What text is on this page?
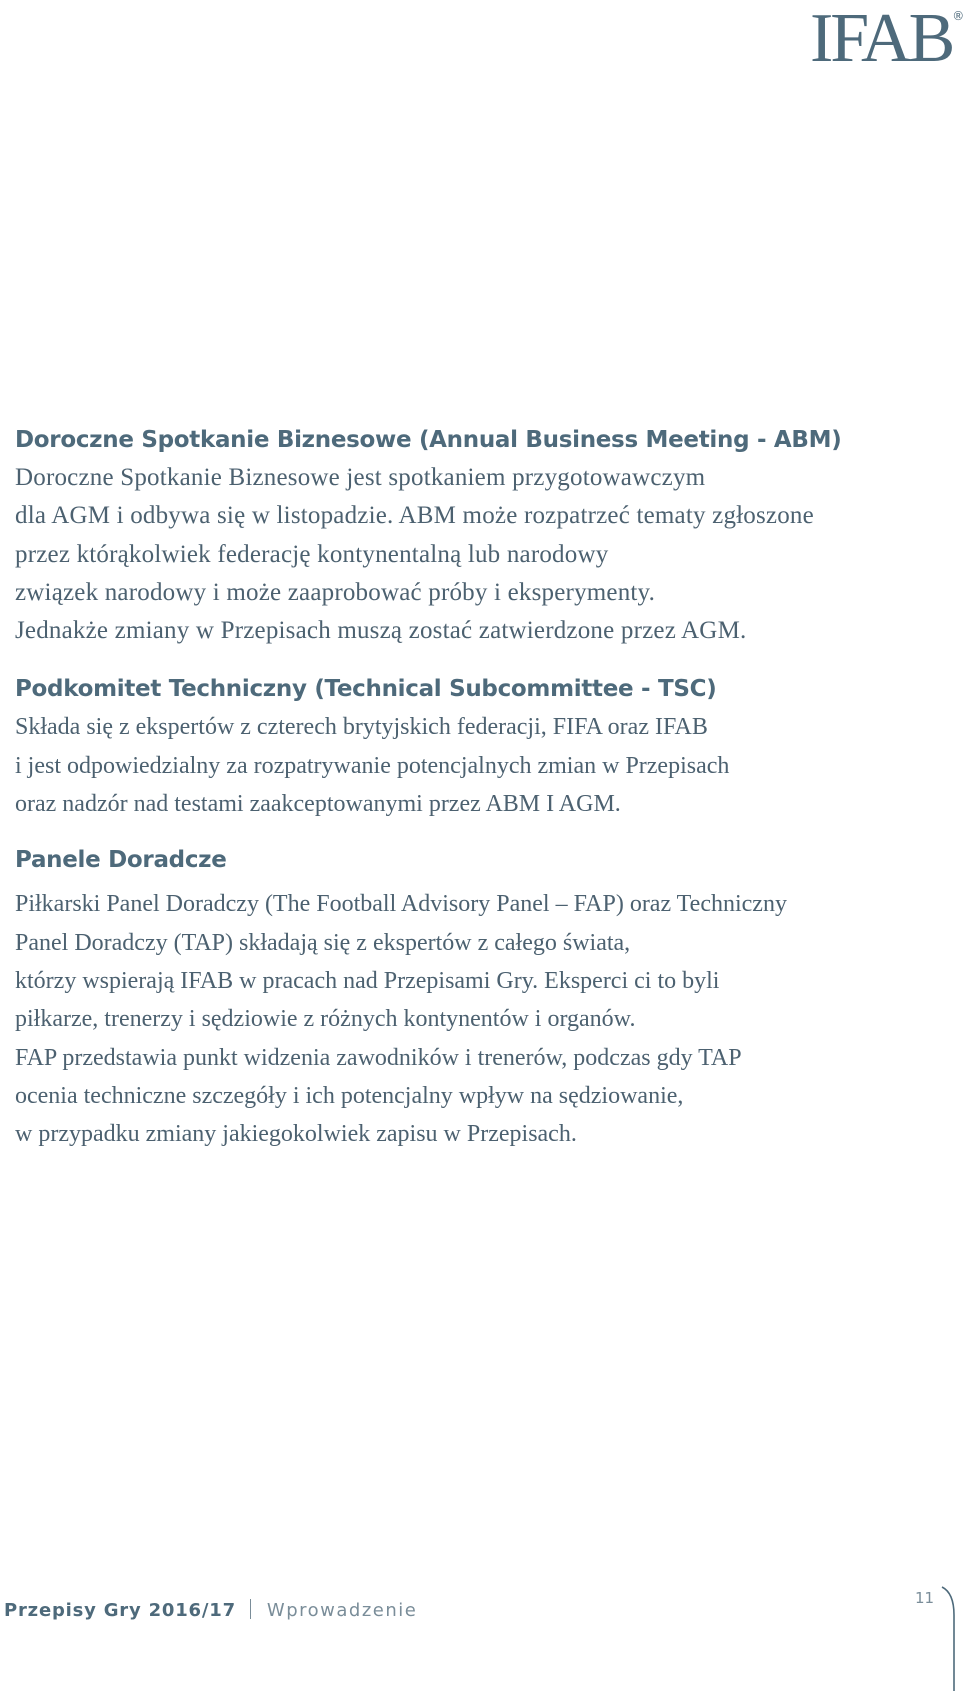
IFAB ®
Doroczne Spotkanie Biznesowe (Annual Business Meeting - ABM)

Doroczne Spotkanie Biznesowe jest spotkaniem przygotowawczym

dla AGM i odbywa się w listopadzie. ABM może rozpatrzeć tematy zgłoszone

przez którąkolwiek federację kontynentalną lub narodowy

związek narodowy i może zaaprobować próby i eksperymenty.

Jednakże zmiany w Przepisach muszą zostać zatwierdzone przez AGM.

Podkomitet Techniczny (Technical Subcommittee - TSC)

Składa się z ekspertów z czterech brytyjskich federacji, FIFA oraz IFAB

i jest odpowiedzialny za rozpatrywanie potencjalnych zmian w Przepisach

oraz nadzór nad testami zaakceptowanymi przez ABM I AGM.

Panele Doradcze

Piłkarski Panel Doradczy (The Football Advisory Panel – FAP) oraz Techniczny

Panel Doradczy (TAP) składają się z ekspertów z całego świata,

którzy wspierają IFAB w pracach nad Przepisami Gry. Eksperci ci to byli

piłkarze, trenerzy i sędziowie z różnych kontynentów i organów.

FAP przedstawia punkt widzenia zawodników i trenerów, podczas gdy TAP

ocenia techniczne szczegóły i ich potencjalny wpływ na sędziowanie,

w przypadku zmiany jakiegokolwiek zapisu w Przepisach.

Przepisy Gry 2016/17 Wprowadzenie
11
